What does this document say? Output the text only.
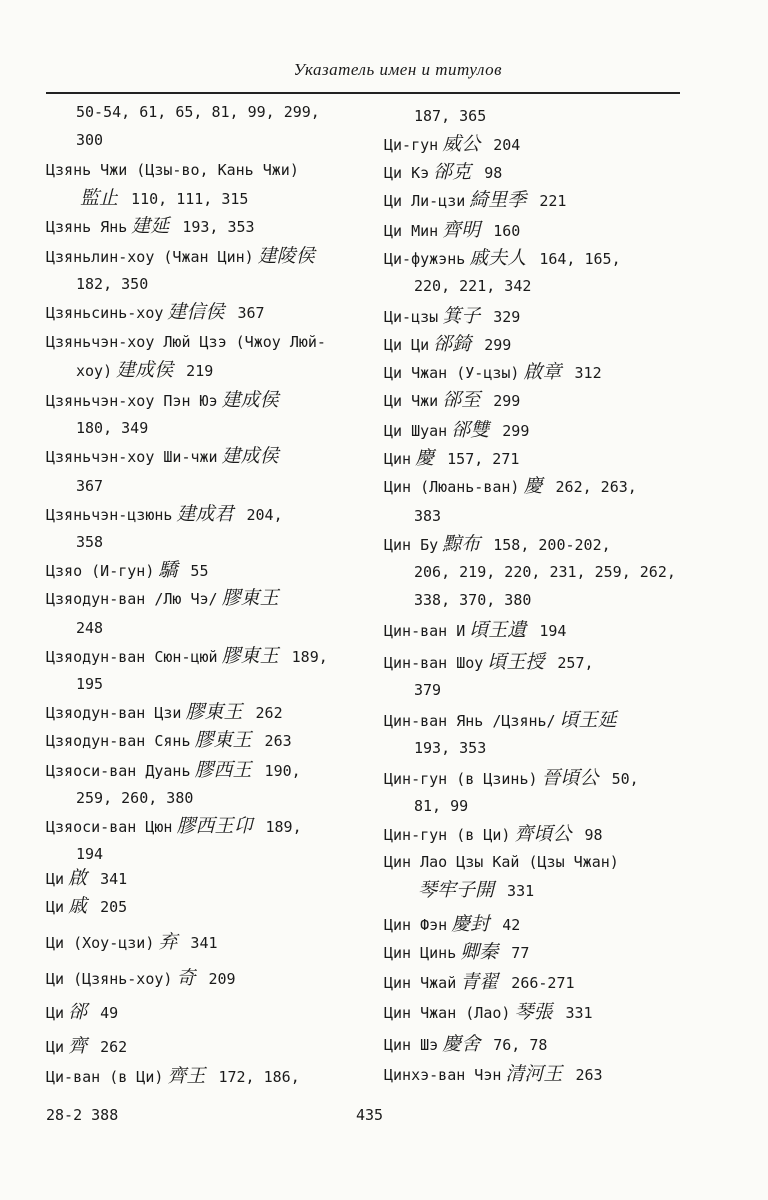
Указатель имен и титулов
50-54, 61, 65, 81, 99, 299,
300
Цзянь Чжи (Цзы-во, Кань Чжи)
監止 110, 111, 315
Цзянь Янь 建延 193, 353
Цзяньлин-хоу (Чжан Цин) 建陵侯
182, 350
Цзяньсинь-хоу 建信侯 367
Цзяньчэн-хоу Люй Цзэ (Чжоу Люй-
хоу) 建成侯 219
Цзяньчэн-хоу Пэн Юэ 建成侯
180, 349
Цзяньчэн-хоу Ши-чжи 建成侯
367
Цзяньчэн-цзюнь 建成君 204,
358
Цзяо (И-гун) 驕 55
Цзяодун-ван /Лю Чэ/ 膠東王
248
Цзяодун-ван Сюн-цюй 膠東王 189,
195
Цзяодун-ван Цзи 膠東王 262
Цзяодун-ван Сянь 膠東王 263
Цзяоси-ван Дуань 膠西王 190,
259, 260, 380
Цзяоси-ван Цюн 膠西王卬 189,
194
Ци 啟 341
Ци 戚 205
Ци (Хоу-цзи) 弃 341
Ци (Цзянь-хоу) 奇 209
Ци 郤 49
Ци 齊 262
Ци-ван (в Ци) 齊王 172, 186,
187, 365
Ци-гун 威公 204
Ци Кэ 郤克 98
Ци Ли-цзи 綺里季 221
Ци Мин 齊明 160
Ци-фужэнь 戚夫人 164, 165,
220, 221, 342
Ци-цзы 箕子 329
Ци Ци 郤錡 299
Ци Чжан (У-цзы) 啟章 312
Ци Чжи 郤至 299
Ци Шуан 郤雙 299
Цин 慶 157, 271
Цин (Люань-ван) 慶 262, 263,
383
Цин Бу 黥布 158, 200-202,
206, 219, 220, 231, 259, 262,
338, 370, 380
Цин-ван И 頃王遺 194
Цин-ван Шоу 頃王授 257,
379
Цин-ван Янь /Цзянь/ 頃王延
193, 353
Цин-гун (в Цзинь) 晉頃公 50,
81, 99
Цин-гун (в Ци) 齊頃公 98
Цин Лао Цзы Кай (Цзы Чжан)
琴牢子開 331
Цин Фэн 慶封 42
Цин Цинь 卿秦 77
Цин Чжай 青翟 266-271
Цин Чжан (Лао) 琴張 331
Цин Шэ 慶舍 76, 78
Цинхэ-ван Чэн 清河王 263
28-2 388	435
